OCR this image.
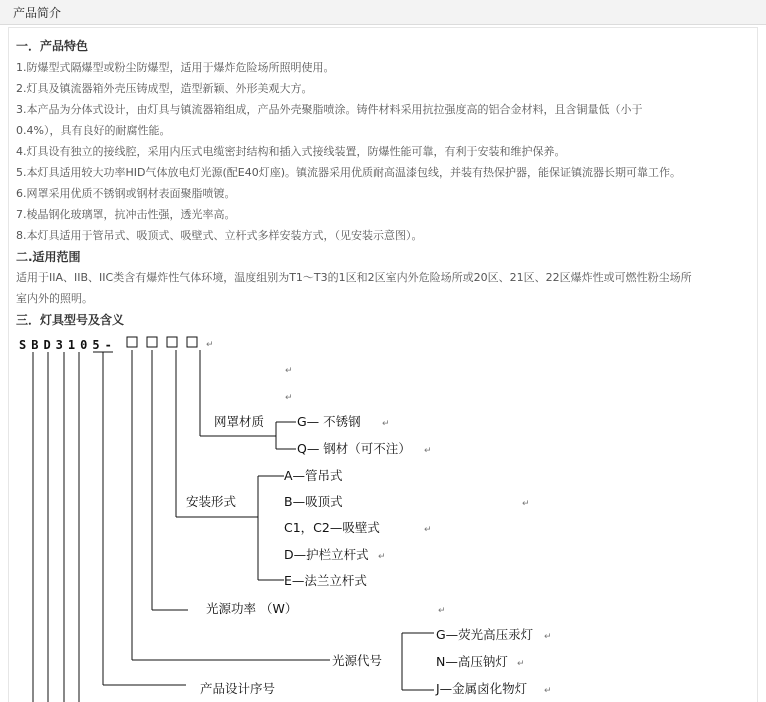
产品简介
一．产品特色
1.防爆型式隔爆型或粉尘防爆型，适用于爆炸危险场所照明使用。
2.灯具及镇流器箱外壳压铸成型，造型新颖、外形美观大方。
3.本产品为分体式设计，由灯具与镇流器箱组成，产品外壳聚脂喷涂。铸件材料采用抗拉强度高的铝合金材料，且含铜量低（小于
0.4%），具有良好的耐腐性能。
4.灯具设有独立的接线腔，采用内压式电缆密封结构和插入式接线装置，防爆性能可靠，有利于安装和维护保养。
5.本灯具适用较大功率HID气体放电灯光源(配E40灯座)。镇流器采用优质耐高温漆包线，并装有热保护器，能保证镇流器长期可靠工作。
6.网罩采用优质不锈钢或钢材表面聚脂喷镀。
7.棱晶钢化玻璃罩，抗冲击性强，透光率高。
8.本灯具适用于管吊式、吸顶式、吸壁式、立杆式多样安装方式，（见安装示意图）。
二.适用范围
适用于IIA、IIB、IIC类含有爆炸性气体环境，温度组别为T1～T3的1区和2区室内外危险场所或20区、21区、22区爆炸性或可燃性粉尘场所
室内外的照明。
三．灯具型号及含义
SBD3105-	↵
↵
↵
网罩材质	G— 不锈钢 ↵
Q— 钢材（可不注） ↵
安装形式
A—管吊式
B—吸顶式	↵
C1，C2—吸壁式	↵
D—护栏立杆式 ↵
E—法兰立杆式
光源功率 （W）	↵
光源代号
G—荧光高压汞灯 ↵
N—高压钠灯 ↵
J—金属卤化物灯 ↵
产品设计序号
